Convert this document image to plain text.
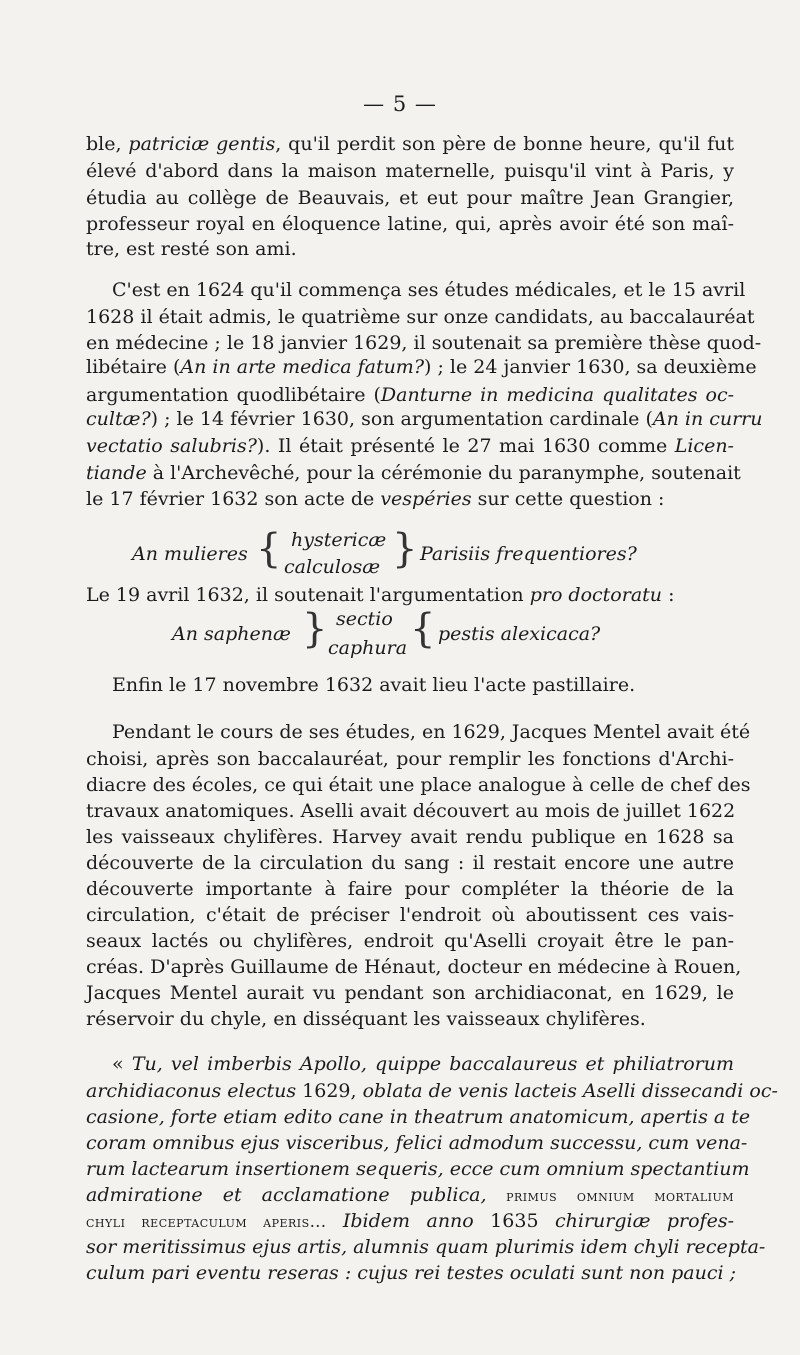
— 5 —
ble, patriciæ gentis, qu'il perdit son père de bonne heure, qu'il fut
élevé d'abord dans la maison maternelle, puisqu'il vint à Paris, y
étudia au collège de Beauvais, et eut pour maître Jean Grangier,
professeur royal en éloquence latine, qui, après avoir été son maî-
tre, est resté son ami.
C'est en 1624 qu'il commença ses études médicales, et le 15 avril
1628 il était admis, le quatrième sur onze candidats, au baccalauréat
en médecine ; le 18 janvier 1629, il soutenait sa première thèse quod-
libétaire (An in arte medica fatum?) ; le 24 janvier 1630, sa deuxième
argumentation quodlibétaire (Danturne in medicina qualitates oc-
cultæ?) ; le 14 février 1630, son argumentation cardinale (An in curru
vectatio salubris?). Il était présenté le 27 mai 1630 comme Licen-
tiande à l'Archevêché, pour la cérémonie du paranymphe, soutenait
le 17 février 1632 son acte de vespéries sur cette question :
An mulieres { hystericæ
calculosæ } Parisiis frequentiores?
Le 19 avril 1632, il soutenait l'argumentation pro doctoratu :
An saphenæ } sectio
caphura { pestis alexicaca?
Enfin le 17 novembre 1632 avait lieu l'acte pastillaire.
Pendant le cours de ses études, en 1629, Jacques Mentel avait été
choisi, après son baccalauréat, pour remplir les fonctions d'Archi-
diacre des écoles, ce qui était une place analogue à celle de chef des
travaux anatomiques. Aselli avait découvert au mois de juillet 1622
les vaisseaux chylifères. Harvey avait rendu publique en 1628 sa
découverte de la circulation du sang : il restait encore une autre
découverte importante à faire pour compléter la théorie de la
circulation, c'était de préciser l'endroit où aboutissent ces vais-
seaux lactés ou chylifères, endroit qu'Aselli croyait être le pan-
créas. D'après Guillaume de Hénaut, docteur en médecine à Rouen,
Jacques Mentel aurait vu pendant son archidiaconat, en 1629, le
réservoir du chyle, en disséquant les vaisseaux chylifères.
« Tu, vel imberbis Apollo, quippe baccalaureus et philiatrorum
archidiaconus electus 1629, oblata de venis lacteis Aselli dissecandi oc-
casione, forte etiam edito cane in theatrum anatomicum, apertis a te
coram omnibus ejus visceribus, felici admodum successu, cum vena-
rum lactearum insertionem sequeris, ecce cum omnium spectantium
admiratione et acclamatione publica, primus omnium mortalium
chyli receptaculum aperis... Ibidem anno 1635 chirurgiæ profes-
sor meritissimus ejus artis, alumnis quam plurimis idem chyli recepta-
culum pari eventu reseras : cujus rei testes oculati sunt non pauci ;
